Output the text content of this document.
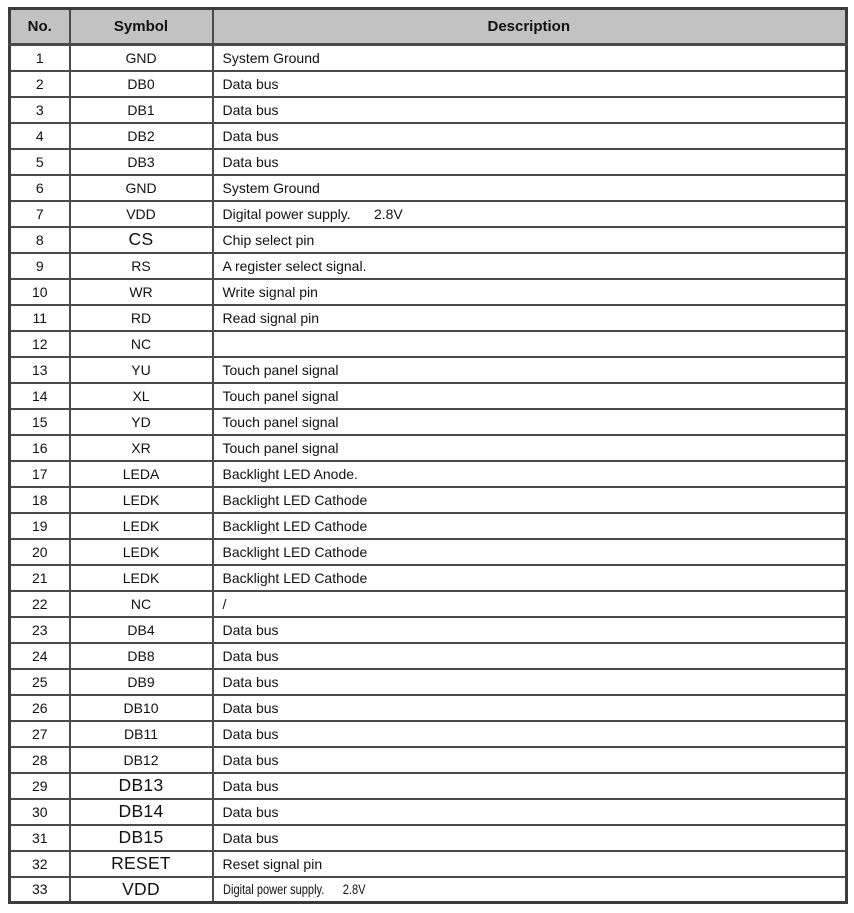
No.	Symbol	Description
1	GND	System Ground
2	DB0	Data bus
3	DB1	Data bus
4	DB2	Data bus
5	DB3	Data bus
6	GND	System Ground
7	VDD	Digital power supply.      2.8V
8	CS	Chip select pin
9	RS	A register select signal.
10	WR	Write signal pin
11	RD	Read signal pin
12	NC	
13	YU	Touch panel signal
14	XL	Touch panel signal
15	YD	Touch panel signal
16	XR	Touch panel signal
17	LEDA	Backlight LED Anode.
18	LEDK	Backlight LED Cathode
19	LEDK	Backlight LED Cathode
20	LEDK	Backlight LED Cathode
21	LEDK	Backlight LED Cathode
22	NC	/
23	DB4	Data bus
24	DB8	Data bus
25	DB9	Data bus
26	DB10	Data bus
27	DB11	Data bus
28	DB12	Data bus
29	DB13	Data bus
30	DB14	Data bus
31	DB15	Data bus
32	RESET	Reset signal pin
33	VDD	Digital power supply.      2.8V
